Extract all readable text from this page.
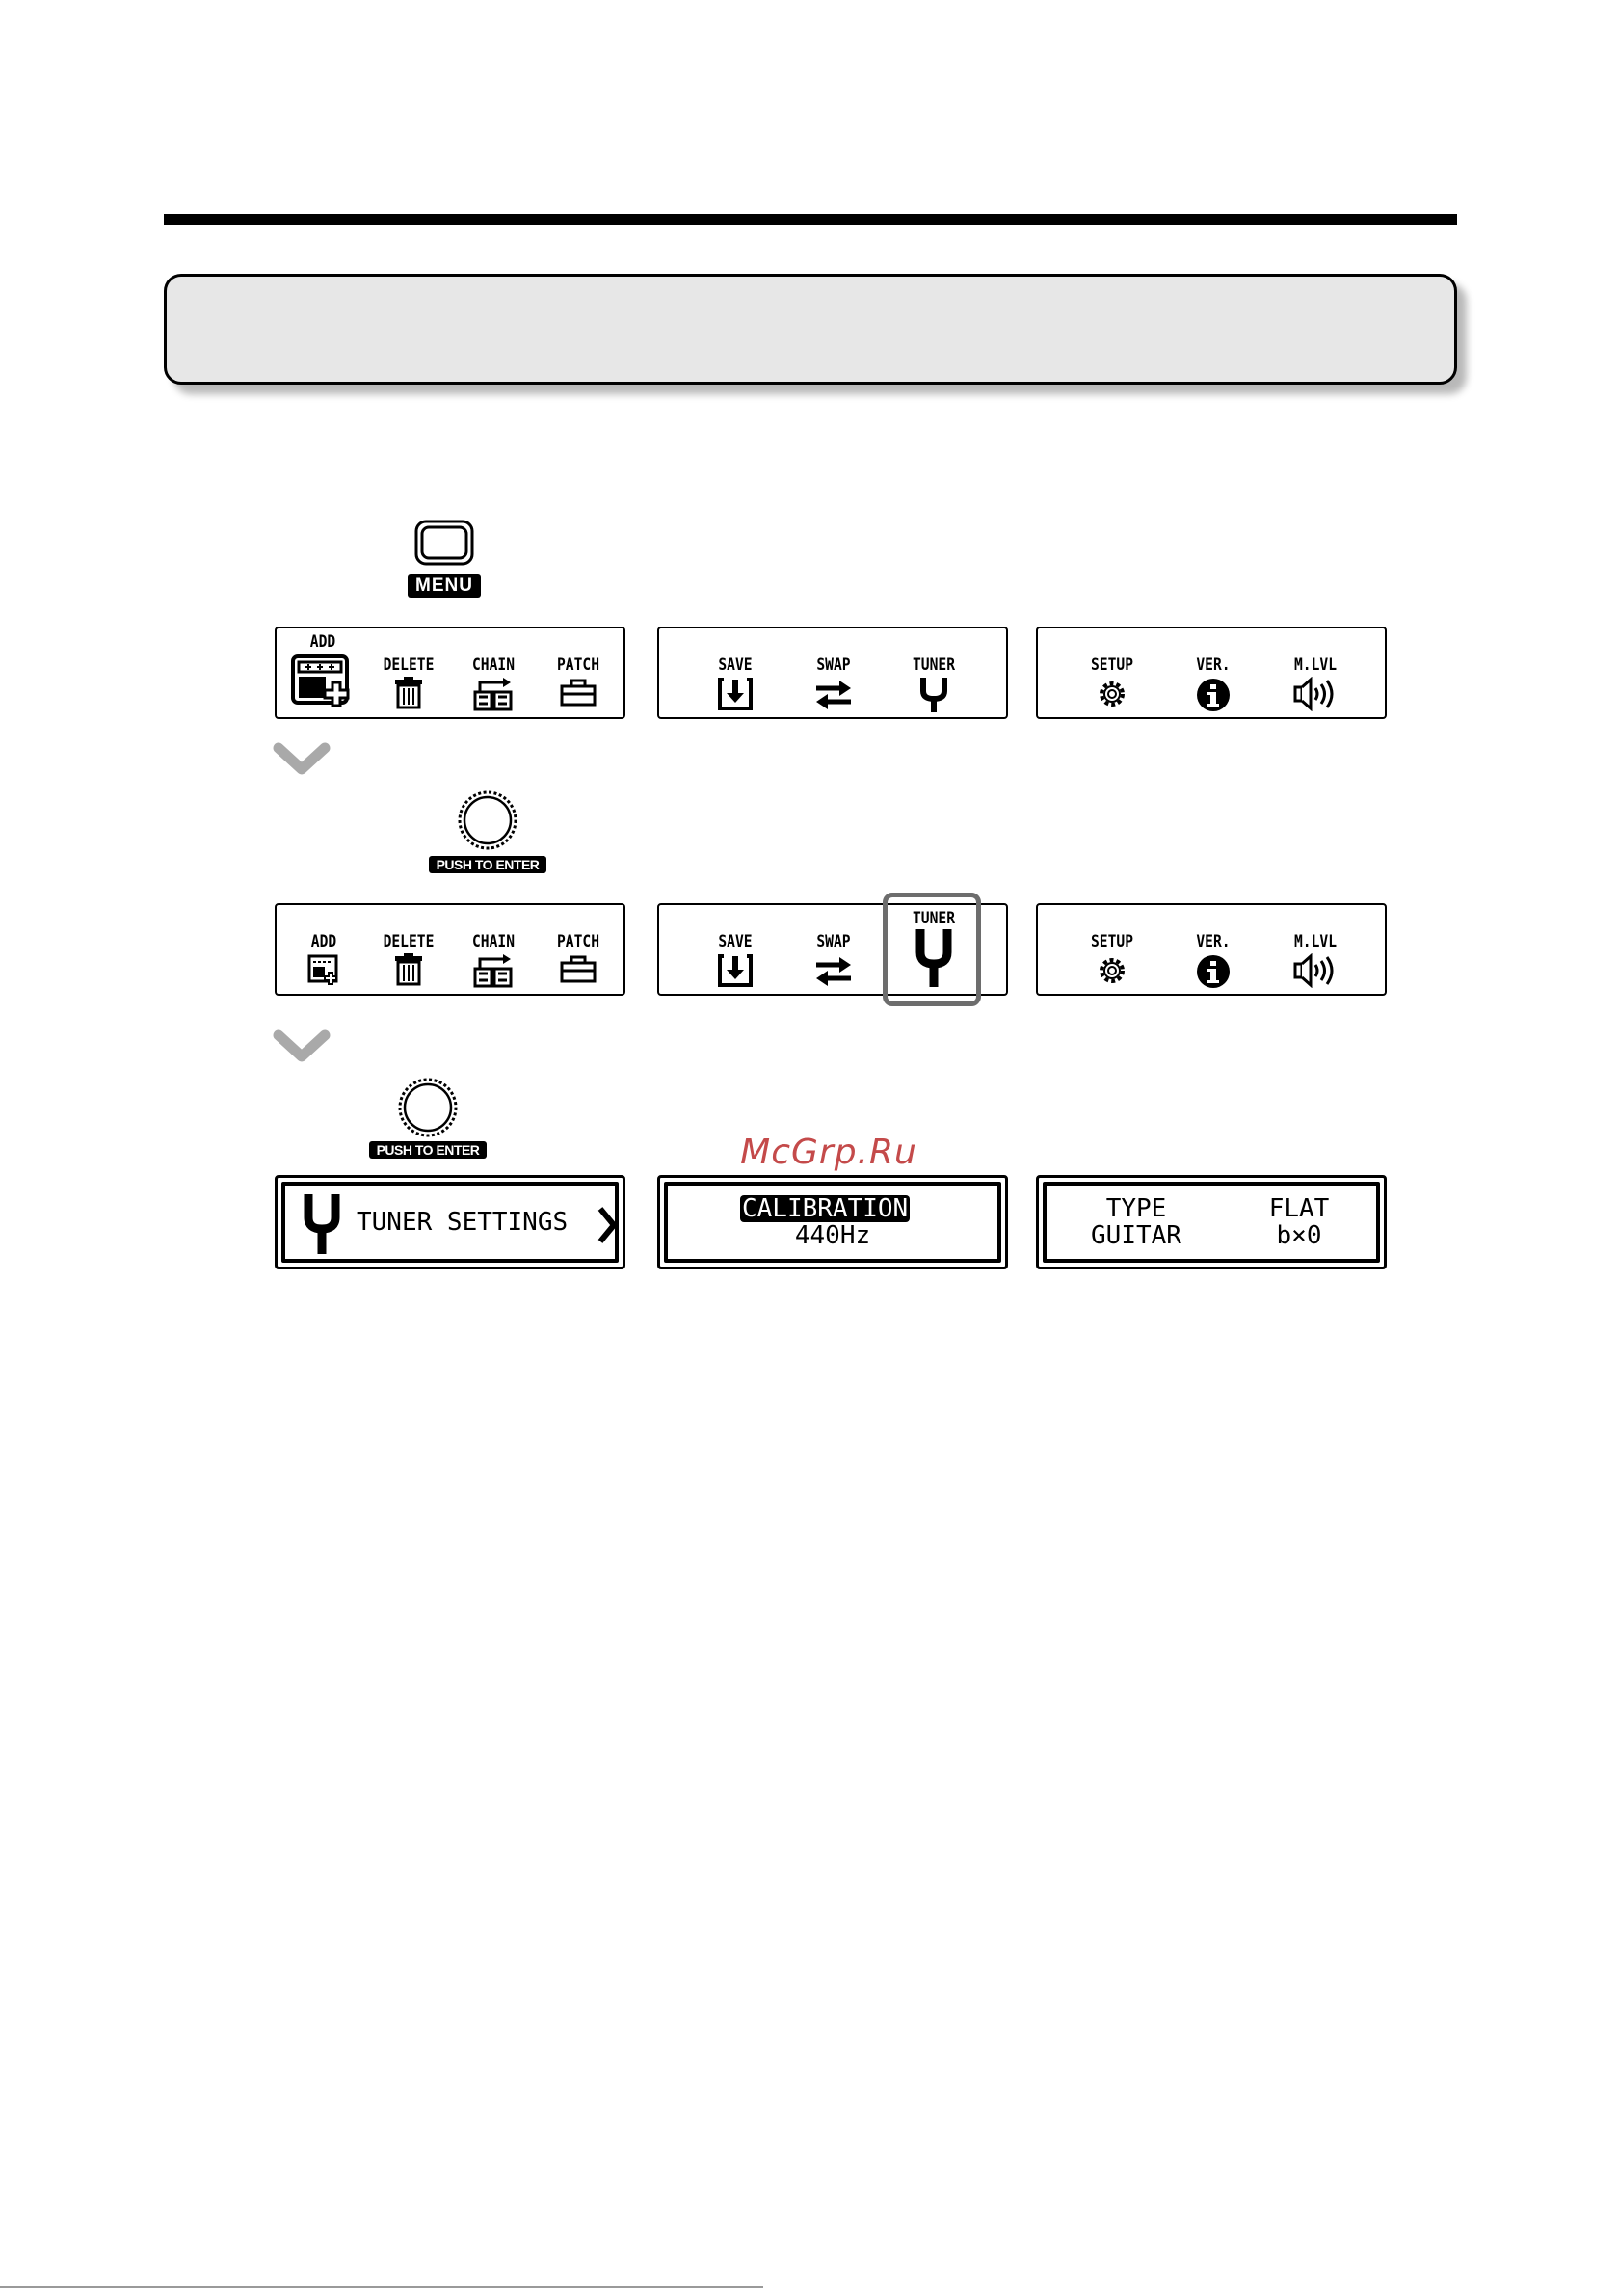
MENU
ADD
DELETE	CHAIN	PATCH	SAVE	SWAP	TUNER	SETUP	VER.	M.LVL
PUSH TO ENTER
ADD	DELETE	CHAIN	PATCH	SAVE	SWAP
TUNER
SETUP	VER.	M.LVL
PUSH TO ENTER	McGrp.Ru
TUNER SETTINGS	CALIBRATION
440Hz
TYPE
GUITAR
FLAT
b×0
